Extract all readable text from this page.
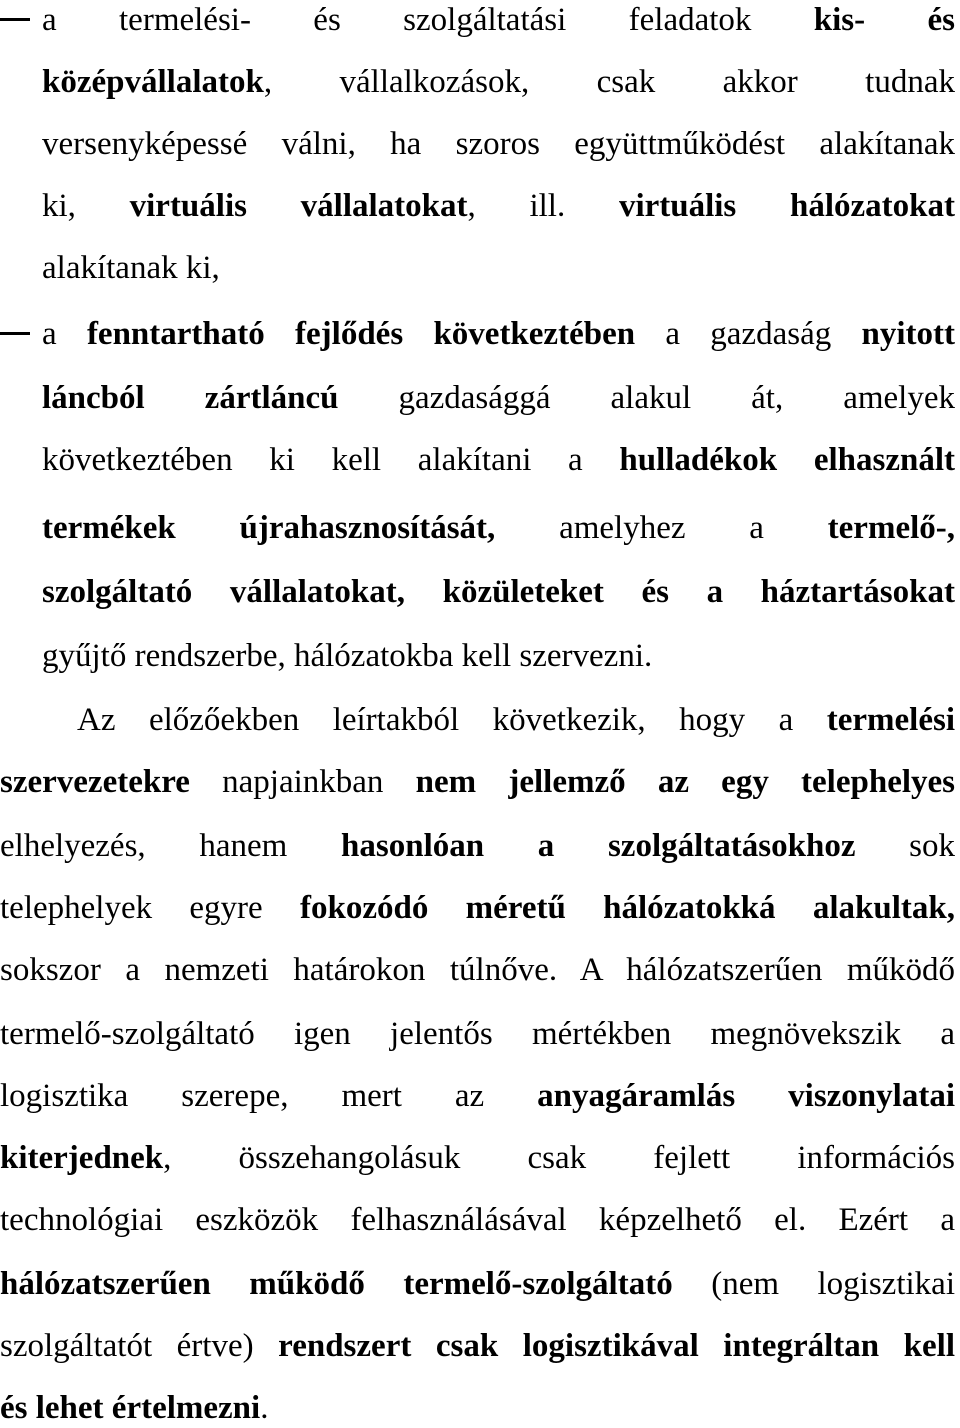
a termelési- és szolgáltatási feladatok kis- és
középvállalatok, vállalkozások, csak akkor tudnak
versenyképessé válni, ha szoros együttműködést alakítanak
ki, virtuális vállalatokat, ill. virtuális hálózatokat
alakítanak ki,
a fenntartható fejlődés következtében a gazdaság nyitott
láncból zártláncú gazdasággá alakul át, amelyek
következtében ki kell alakítani a hulladékok elhasznált
termékek újrahasznosítását, amelyhez a termelő-,
szolgáltató vállalatokat, közületeket és a háztartásokat
gyűjtő rendszerbe, hálózatokba kell szervezni.
Az előzőekben leírtakból következik, hogy a termelési
szervezetekre napjainkban nem jellemző az egy telephelyes
elhelyezés, hanem hasonlóan a szolgáltatásokhoz sok
telephelyek egyre fokozódó méretű hálózatokká alakultak,
sokszor a nemzeti határokon túlnőve. A hálózatszerűen működő
termelő-szolgáltató igen jelentős mértékben megnövekszik a
logisztika szerepe, mert az anyagáramlás viszonylatai
kiterjednek, összehangolásuk csak fejlett információs
technológiai eszközök felhasználásával képzelhető el. Ezért a
hálózatszerűen működő termelő-szolgáltató (nem logisztikai
szolgáltatót értve) rendszert csak logisztikával integráltan kell
és lehet értelmezni.
